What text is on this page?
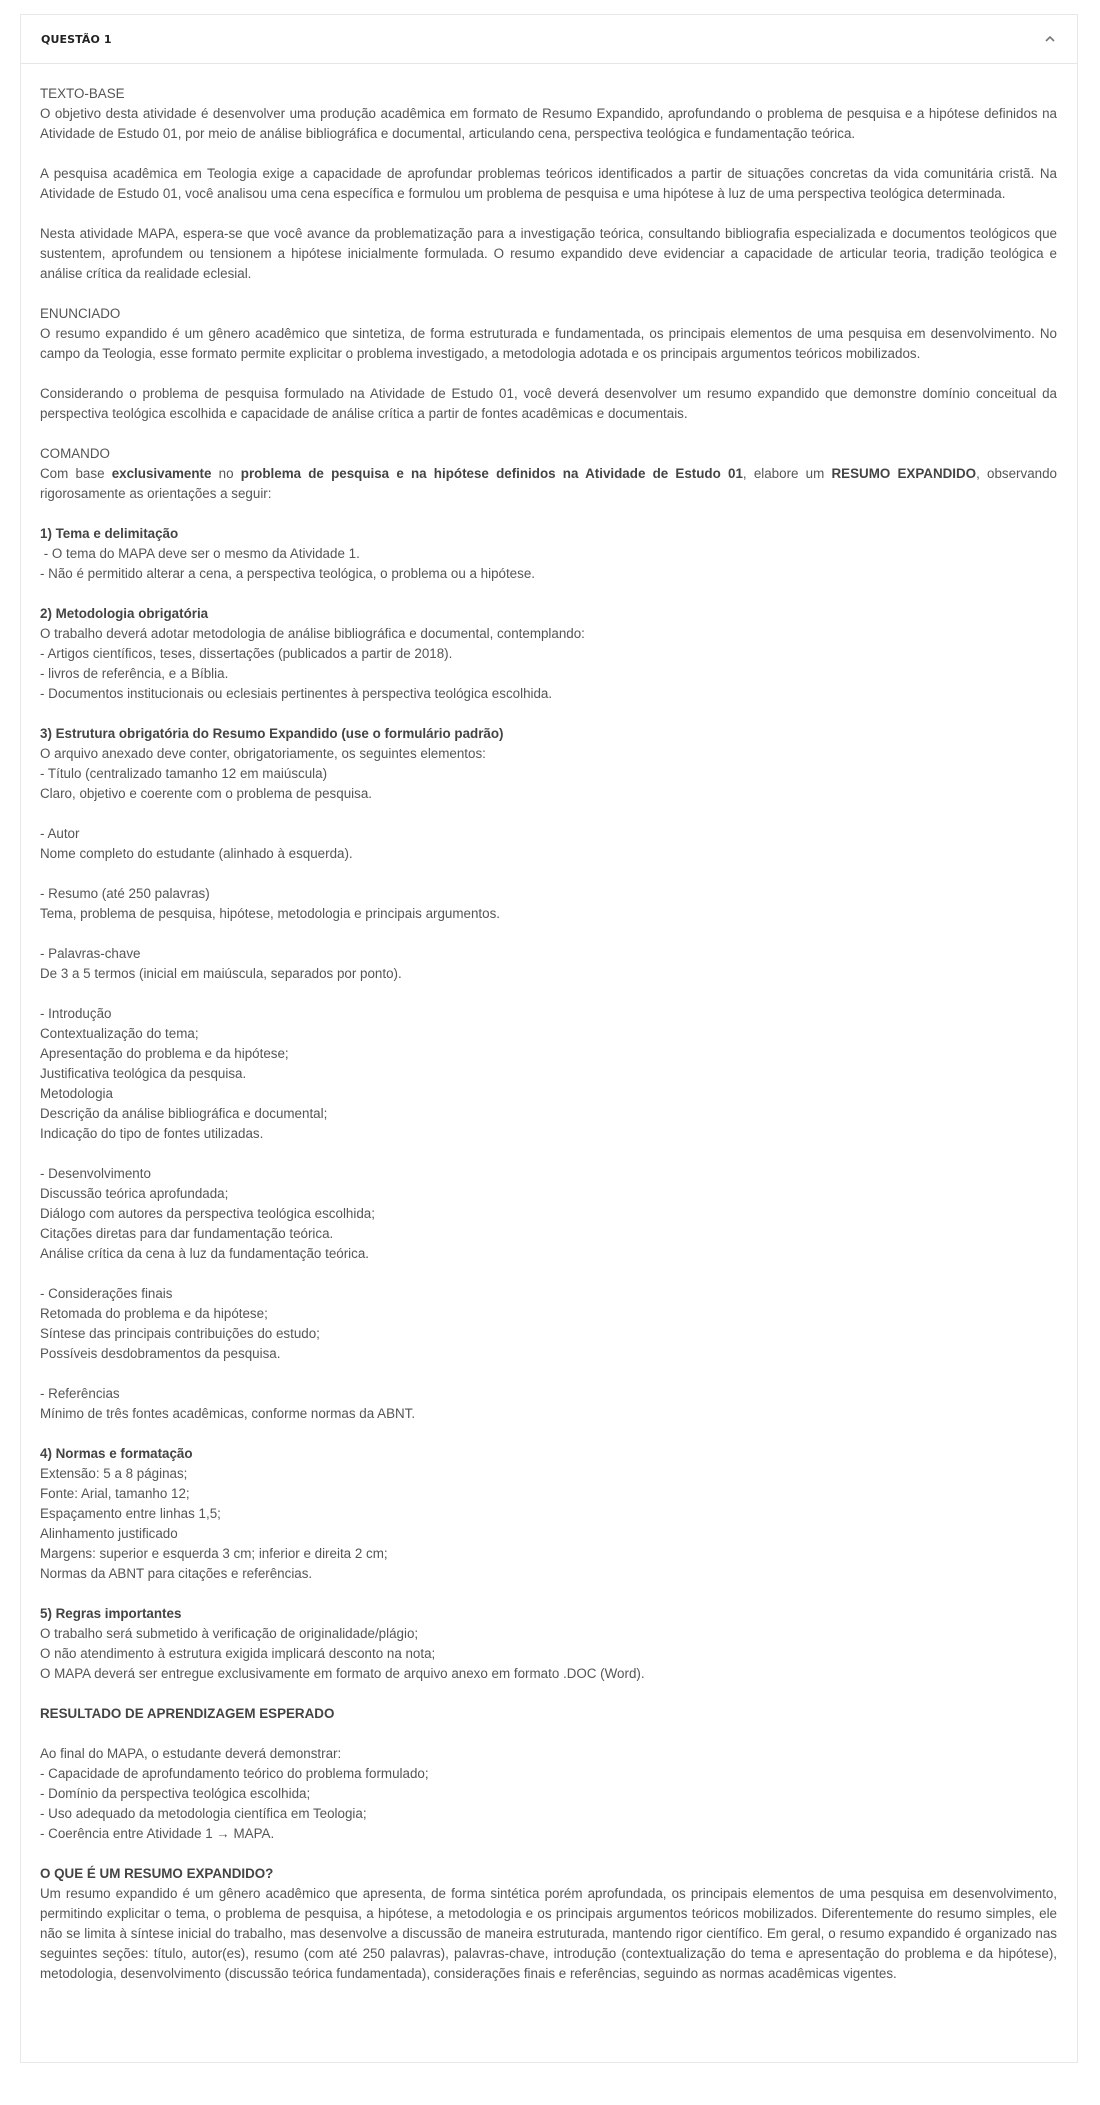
QUESTÃO 1

TEXTO-BASE

O objetivo desta atividade é desenvolver uma produção acadêmica em formato de Resumo Expandido, aprofundando o problema de pesquisa e a hipótese definidos na Atividade de Estudo 01, por meio de análise bibliográfica e documental, articulando cena, perspectiva teológica e fundamentação teórica.

A pesquisa acadêmica em Teologia exige a capacidade de aprofundar problemas teóricos identificados a partir de situações concretas da vida comunitária cristã. Na Atividade de Estudo 01, você analisou uma cena específica e formulou um problema de pesquisa e uma hipótese à luz de uma perspectiva teológica determinada.

Nesta atividade MAPA, espera-se que você avance da problematização para a investigação teórica, consultando bibliografia especializada e documentos teológicos que sustentem, aprofundem ou tensionem a hipótese inicialmente formulada. O resumo expandido deve evidenciar a capacidade de articular teoria, tradição teológica e análise crítica da realidade eclesial.

ENUNCIADO

O resumo expandido é um gênero acadêmico que sintetiza, de forma estruturada e fundamentada, os principais elementos de uma pesquisa em desenvolvimento. No campo da Teologia, esse formato permite explicitar o problema investigado, a metodologia adotada e os principais argumentos teóricos mobilizados.

Considerando o problema de pesquisa formulado na Atividade de Estudo 01, você deverá desenvolver um resumo expandido que demonstre domínio conceitual da perspectiva teológica escolhida e capacidade de análise crítica a partir de fontes acadêmicas e documentais.

COMANDO

Com base exclusivamente no problema de pesquisa e na hipótese definidos na Atividade de Estudo 01, elabore um RESUMO EXPANDIDO, observando rigorosamente as orientações a seguir:

1) Tema e delimitação

- O tema do MAPA deve ser o mesmo da Atividade 1.

- Não é permitido alterar a cena, a perspectiva teológica, o problema ou a hipótese.

2) Metodologia obrigatória

O trabalho deverá adotar metodologia de análise bibliográfica e documental, contemplando:

- Artigos científicos, teses, dissertações (publicados a partir de 2018).

- livros de referência, e a Bíblia.

- Documentos institucionais ou eclesiais pertinentes à perspectiva teológica escolhida.

3) Estrutura obrigatória do Resumo Expandido (use o formulário padrão)

O arquivo anexado deve conter, obrigatoriamente, os seguintes elementos:

- Título (centralizado tamanho 12 em maiúscula)

Claro, objetivo e coerente com o problema de pesquisa.

- Autor

Nome completo do estudante (alinhado à esquerda).

- Resumo (até 250 palavras)

Tema, problema de pesquisa, hipótese, metodologia e principais argumentos.

- Palavras-chave

De 3 a 5 termos (inicial em maiúscula, separados por ponto).

- Introdução

Contextualização do tema;

Apresentação do problema e da hipótese;

Justificativa teológica da pesquisa.

Metodologia

Descrição da análise bibliográfica e documental;

Indicação do tipo de fontes utilizadas.

- Desenvolvimento

Discussão teórica aprofundada;

Diálogo com autores da perspectiva teológica escolhida;

Citações diretas para dar fundamentação teórica.

Análise crítica da cena à luz da fundamentação teórica.

- Considerações finais

Retomada do problema e da hipótese;

Síntese das principais contribuições do estudo;

Possíveis desdobramentos da pesquisa.

- Referências

Mínimo de três fontes acadêmicas, conforme normas da ABNT.

4) Normas e formatação

Extensão: 5 a 8 páginas;

Fonte: Arial, tamanho 12;

Espaçamento entre linhas 1,5;

Alinhamento justificado

Margens: superior e esquerda 3 cm; inferior e direita 2 cm;

Normas da ABNT para citações e referências.

5) Regras importantes

O trabalho será submetido à verificação de originalidade/plágio;

O não atendimento à estrutura exigida implicará desconto na nota;

O MAPA deverá ser entregue exclusivamente em formato de arquivo anexo em formato .DOC (Word).

RESULTADO DE APRENDIZAGEM ESPERADO

Ao final do MAPA, o estudante deverá demonstrar:

- Capacidade de aprofundamento teórico do problema formulado;

- Domínio da perspectiva teológica escolhida;

- Uso adequado da metodologia científica em Teologia;

- Coerência entre Atividade 1 → MAPA.

O QUE É UM RESUMO EXPANDIDO?

Um resumo expandido é um gênero acadêmico que apresenta, de forma sintética porém aprofundada, os principais elementos de uma pesquisa em desenvolvimento, permitindo explicitar o tema, o problema de pesquisa, a hipótese, a metodologia e os principais argumentos teóricos mobilizados. Diferentemente do resumo simples, ele não se limita à síntese inicial do trabalho, mas desenvolve a discussão de maneira estruturada, mantendo rigor científico. Em geral, o resumo expandido é organizado nas seguintes seções: título, autor(es), resumo (com até 250 palavras), palavras-chave, introdução (contextualização do tema e apresentação do problema e da hipótese), metodologia, desenvolvimento (discussão teórica fundamentada), considerações finais e referências, seguindo as normas acadêmicas vigentes.
